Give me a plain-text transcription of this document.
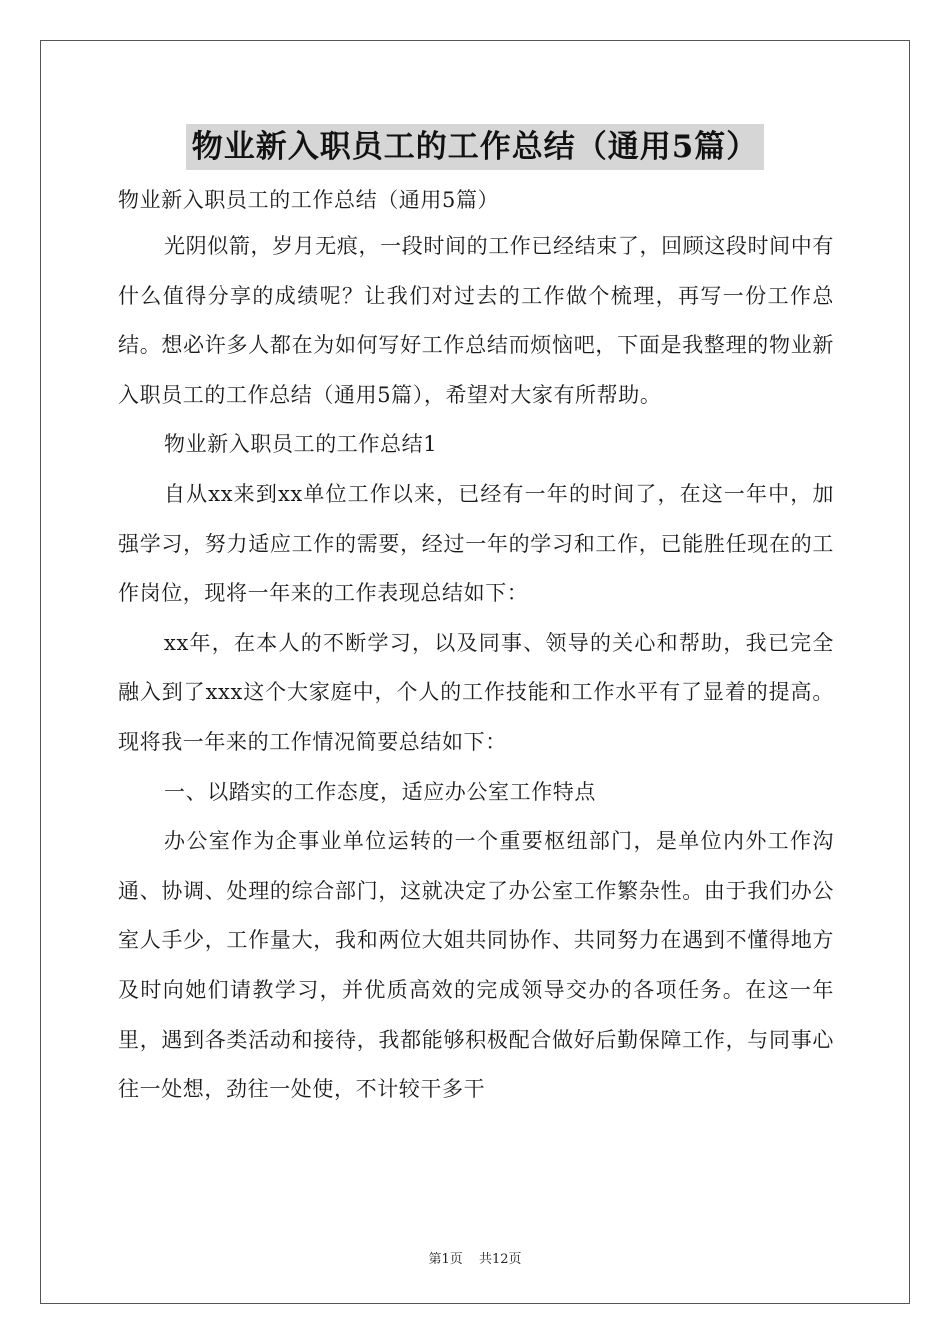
物业新入职员工的工作总结（通用5篇）

物业新入职员工的工作总结（通用5篇）

光阴似箭，岁月无痕，一段时间的工作已经结束了，回顾这段时间中有什么值得分享的成绩呢？让我们对过去的工作做个梳理，再写一份工作总结。想必许多人都在为如何写好工作总结而烦恼吧，下面是我整理的物业新入职员工的工作总结（通用5篇），希望对大家有所帮助。

物业新入职员工的工作总结1

自从xx来到xx单位工作以来，已经有一年的时间了，在这一年中，加强学习，努力适应工作的需要，经过一年的学习和工作，已能胜任现在的工作岗位，现将一年来的工作表现总结如下：

xx年，在本人的不断学习，以及同事、领导的关心和帮助，我已完全融入到了xxx这个大家庭中，个人的工作技能和工作水平有了显着的提高。现将我一年来的工作情况简要总结如下：

一、以踏实的工作态度，适应办公室工作特点

办公室作为企事业单位运转的一个重要枢纽部门，是单位内外工作沟通、协调、处理的综合部门，这就决定了办公室工作繁杂性。由于我们办公室人手少，工作量大，我和两位大姐共同协作、共同努力在遇到不懂得地方及时向她们请教学习，并优质高效的完成领导交办的各项任务。在这一年里，遇到各类活动和接待，我都能够积极配合做好后勤保障工作，与同事心往一处想，劲往一处使，不计较干多干

第1页 共12页
